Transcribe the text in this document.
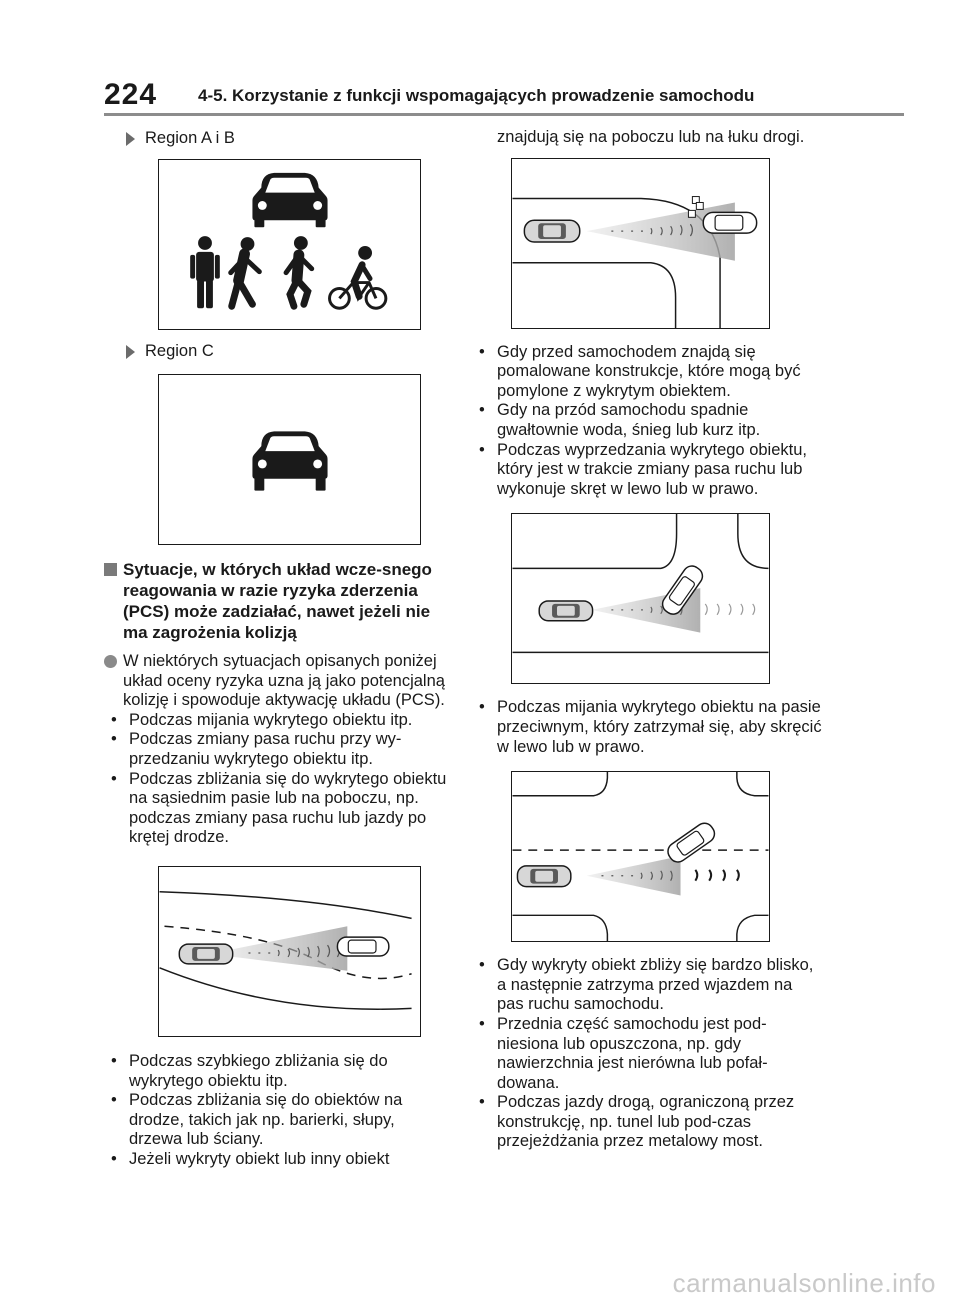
224 4-5. Korzystanie z funkcji wspomagających prowadzenie samochodu
Region A i B
Region C
Sytuacje, w których układ wcze-snego reagowania w razie ryzyka zderzenia (PCS) może zadziałać, nawet jeżeli nie ma zagrożenia kolizją
W niektórych sytuacjach opisanych poniżej układ oceny ryzyka uzna ją jako potencjalną kolizję i spowoduje aktywację układu (PCS).
• Podczas mijania wykrytego obiektu itp.
• Podczas zmiany pasa ruchu przy wy-przedzaniu wykrytego obiektu itp.
• Podczas zbliżania się do wykrytego obiektu na sąsiednim pasie lub na poboczu, np. podczas zmiany pasa ruchu lub jazdy po krętej drodze.
• Podczas szybkiego zbliżania się do wykrytego obiektu itp.
• Podczas zbliżania się do obiektów na drodze, takich jak np. barierki, słupy, drzewa lub ściany.
• Jeżeli wykryty obiekt lub inny obiekt
znajdują się na poboczu lub na łuku drogi.
• Gdy przed samochodem znajdą się pomalowane konstrukcje, które mogą być pomylone z wykrytym obiektem.
• Gdy na przód samochodu spadnie gwałtownie woda, śnieg lub kurz itp.
• Podczas wyprzedzania wykrytego obiektu, który jest w trakcie zmiany pasa ruchu lub wykonuje skręt w lewo lub w prawo.
• Podczas mijania wykrytego obiektu na pasie przeciwnym, który zatrzymał się, aby skręcić w lewo lub w prawo.
• Gdy wykryty obiekt zbliży się bardzo blisko, a następnie zatrzyma przed wjazdem na pas ruchu samochodu.
• Przednia część samochodu jest pod-niesiona lub opuszczona, np. gdy nawierzchnia jest nierówna lub pofał-dowana.
• Podczas jazdy drogą, ograniczoną przez konstrukcję, np. tunel lub pod-czas przejeżdżania przez metalowy most.
carmanualsonline.info
